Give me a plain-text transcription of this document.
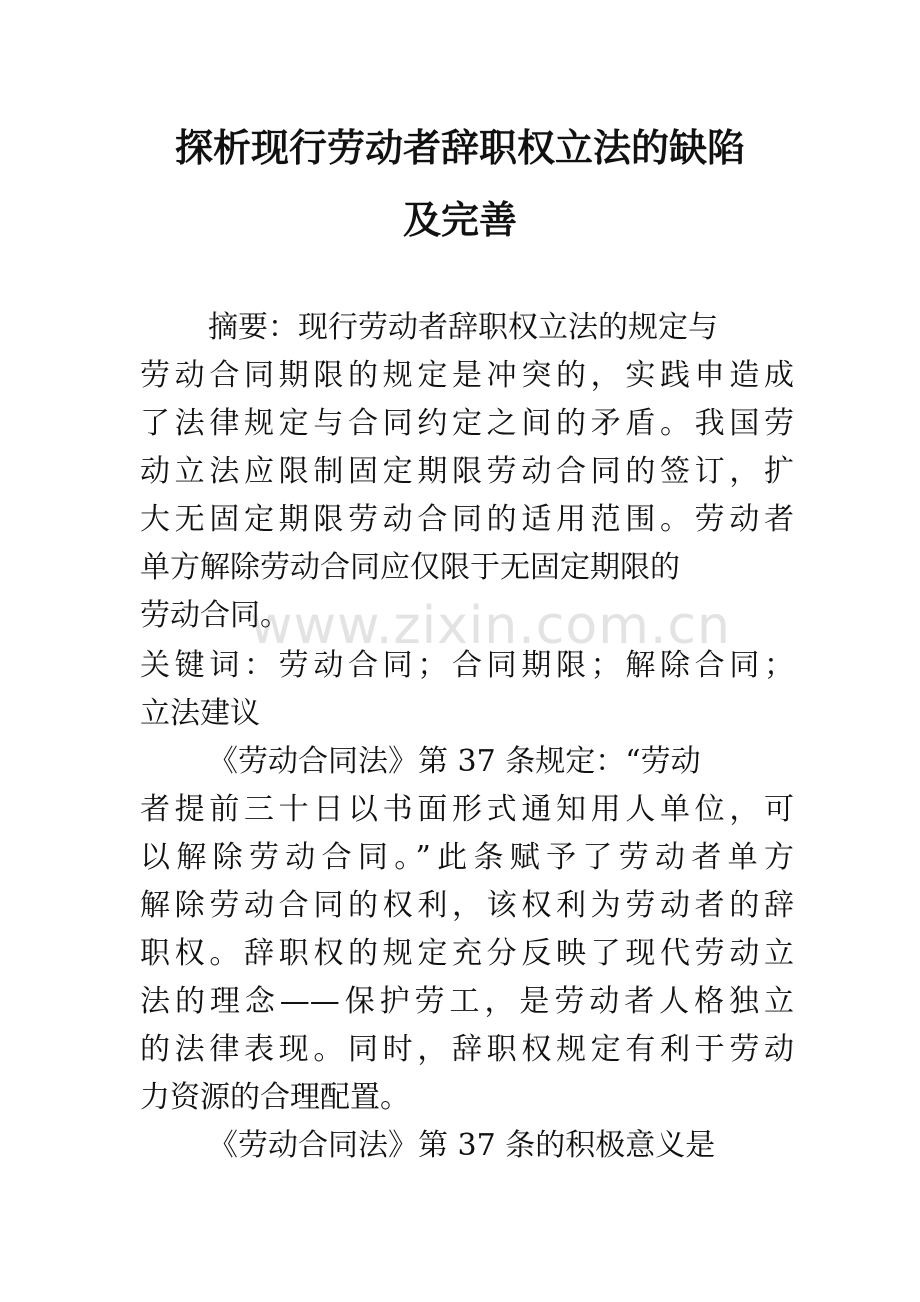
www.zixin.com.cn
探析现行劳动者辞职权立法的缺陷
及完善
摘要：现行劳动者辞职权立法的规定与
劳动合同期限的规定是冲突的，实践申造成
了法律规定与合同约定之间的矛盾。我国劳
动立法应限制固定期限劳动合同的签订，扩
大无固定期限劳动合同的适用范围。劳动者
单方解除劳动合同应仅限于无固定期限的
劳动合同。
关键词：劳动合同；合同期限；解除合同；
立法建议
《劳动合同法》第 37 条规定：“劳动
者提前三十日以书面形式通知用人单位，可
以解除劳动合同。”此条赋予了劳动者单方
解除劳动合同的权利，该权利为劳动者的辞
职权。辞职权的规定充分反映了现代劳动立
法的理念——保护劳工，是劳动者人格独立
的法律表现。同时，辞职权规定有利于劳动
力资源的合理配置。
《劳动合同法》第 37 条的积极意义是
